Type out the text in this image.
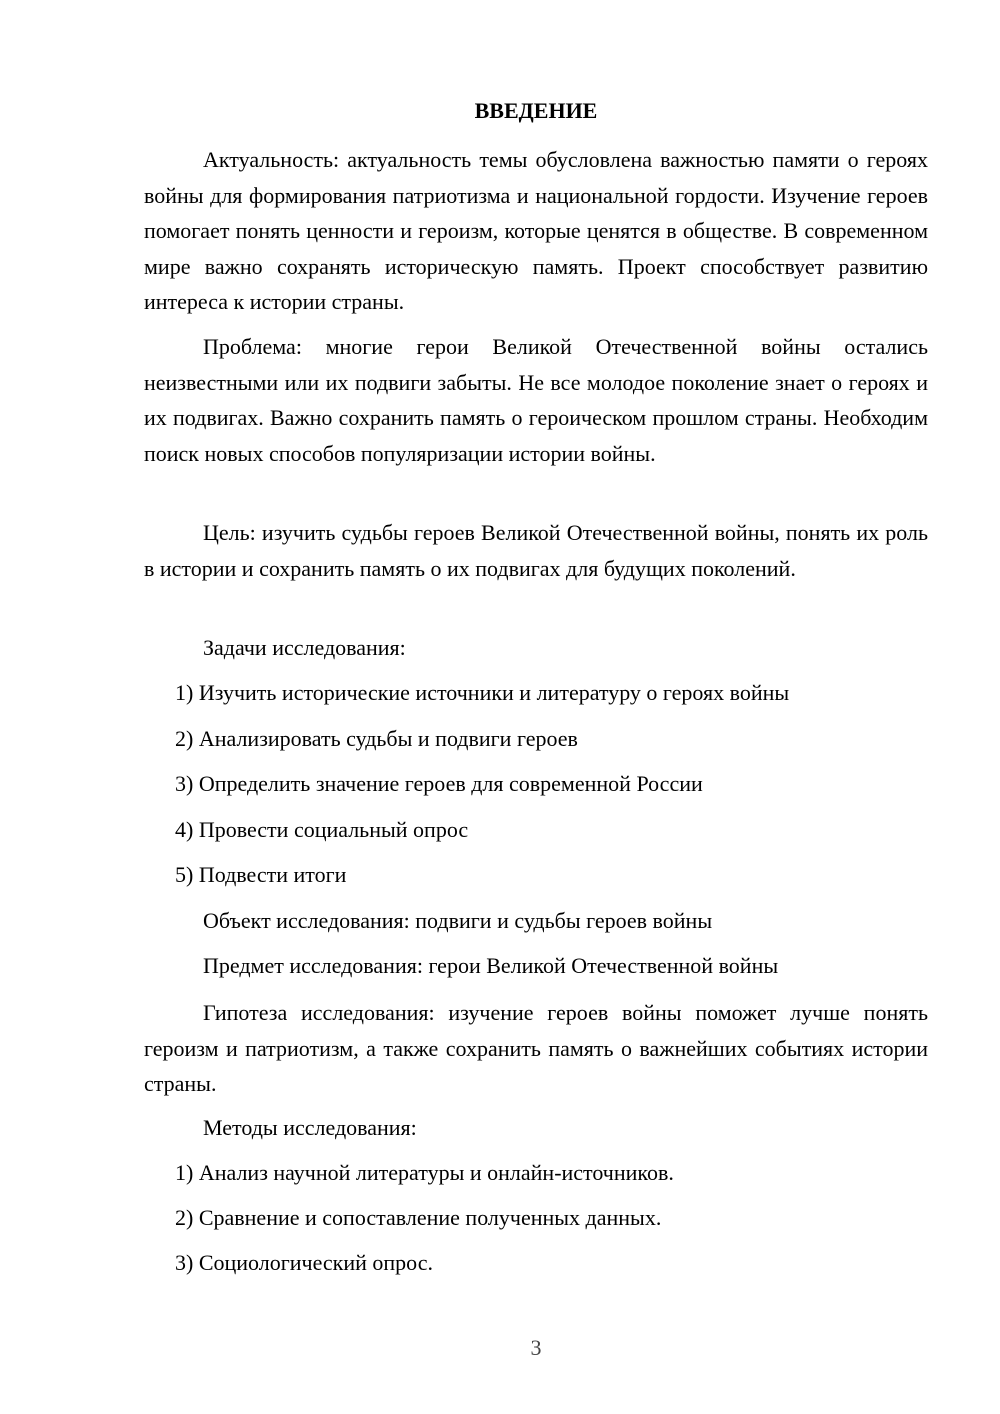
ВВЕДЕНИЕ

Актуальность: актуальность темы обусловлена важностью памяти о героях войны для формирования патриотизма и национальной гордости. Изучение героев помогает понять ценности и героизм, которые ценятся в обществе. В современном мире важно сохранять историческую память. Проект способствует развитию интереса к истории страны.

Проблема: многие герои Великой Отечественной войны остались неизвестными или их подвиги забыты. Не все молодое поколение знает о героях и их подвигах. Важно сохранить память о героическом прошлом страны. Необходим поиск новых способов популяризации истории войны.

Цель: изучить судьбы героев Великой Отечественной войны, понять их роль в истории и сохранить память о их подвигах для будущих поколений.

Задачи исследования:
1) Изучить исторические источники и литературу о героях войны
2) Анализировать судьбы и подвиги героев
3) Определить значение героев для современной России
4) Провести социальный опрос
5) Подвести итоги
Объект исследования: подвиги и судьбы героев войны
Предмет исследования: герои Великой Отечественной войны

Гипотеза исследования: изучение героев войны поможет лучше понять героизм и патриотизм, а также сохранить память о важнейших событиях истории страны.

Методы исследования:
1) Анализ научной литературы и онлайн-источников.
2) Сравнение и сопоставление полученных данных.
3) Социологический опрос.
3
